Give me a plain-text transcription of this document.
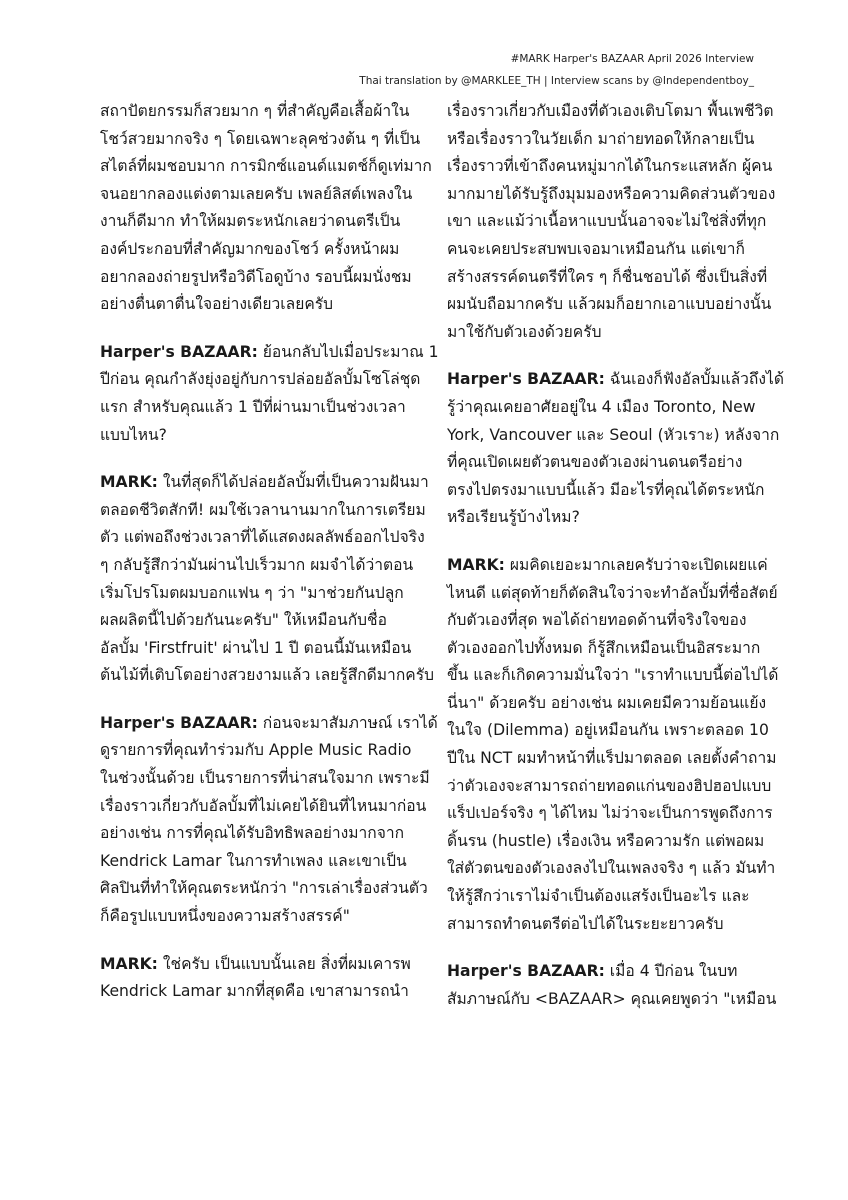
#MARK Harper's BAZAAR April 2026 Interview
Thai translation by @MARKLEE_TH | Interview scans by @Independentboy_
สถาปัตยกรรมก็สวยมาก ๆ ที่สำคัญคือเสื้อผ้าใน
โชว์สวยมากจริง ๆ โดยเฉพาะลุคช่วงต้น ๆ ที่เป็น
สไตล์ที่ผมชอบมาก การมิกซ์แอนด์แมตช์ก็ดูเท่มาก
จนอยากลองแต่งตามเลยครับ เพลย์ลิสต์เพลงใน
งานก็ดีมาก ทำให้ผมตระหนักเลยว่าดนตรีเป็น
องค์ประกอบที่สำคัญมากของโชว์ ครั้งหน้าผม
อยากลองถ่ายรูปหรือวิดีโอดูบ้าง รอบนี้ผมนั่งชม
อย่างตื่นตาตื่นใจอย่างเดียวเลยครับ
Harper's BAZAAR: ย้อนกลับไปเมื่อประมาณ 1
ปีก่อน คุณกำลังยุ่งอยู่กับการปล่อยอัลบั้มโซโล่ชุด
แรก สำหรับคุณแล้ว 1 ปีที่ผ่านมาเป็นช่วงเวลา
แบบไหน?
MARK: ในที่สุดก็ได้ปล่อยอัลบั้มที่เป็นความฝันมา
ตลอดชีวิตสักที! ผมใช้เวลานานมากในการเตรียม
ตัว แต่พอถึงช่วงเวลาที่ได้แสดงผลลัพธ์ออกไปจริง
ๆ กลับรู้สึกว่ามันผ่านไปเร็วมาก ผมจำได้ว่าตอน
เริ่มโปรโมตผมบอกแฟน ๆ ว่า "มาช่วยกันปลูก
ผลผลิตนี้ไปด้วยกันนะครับ" ให้เหมือนกับชื่อ
อัลบั้ม 'Firstfruit' ผ่านไป 1 ปี ตอนนี้มันเหมือน
ต้นไม้ที่เติบโตอย่างสวยงามแล้ว เลยรู้สึกดีมากครับ
Harper's BAZAAR: ก่อนจะมาสัมภาษณ์ เราได้
ดูรายการที่คุณทำร่วมกับ Apple Music Radio
ในช่วงนั้นด้วย เป็นรายการที่น่าสนใจมาก เพราะมี
เรื่องราวเกี่ยวกับอัลบั้มที่ไม่เคยได้ยินที่ไหนมาก่อน
อย่างเช่น การที่คุณได้รับอิทธิพลอย่างมากจาก
Kendrick Lamar ในการทำเพลง และเขาเป็น
ศิลปินที่ทำให้คุณตระหนักว่า "การเล่าเรื่องส่วนตัว
ก็คือรูปแบบหนึ่งของความสร้างสรรค์"
MARK: ใช่ครับ เป็นแบบนั้นเลย สิ่งที่ผมเคารพ
Kendrick Lamar มากที่สุดคือ เขาสามารถนำ
เรื่องราวเกี่ยวกับเมืองที่ตัวเองเติบโตมา พื้นเพชีวิต
หรือเรื่องราวในวัยเด็ก มาถ่ายทอดให้กลายเป็น
เรื่องราวที่เข้าถึงคนหมู่มากได้ในกระแสหลัก ผู้คน
มากมายได้รับรู้ถึงมุมมองหรือความคิดส่วนตัวของ
เขา และแม้ว่าเนื้อหาแบบนั้นอาจจะไม่ใช่สิ่งที่ทุก
คนจะเคยประสบพบเจอมาเหมือนกัน แต่เขาก็
สร้างสรรค์ดนตรีที่ใคร ๆ ก็ชื่นชอบได้ ซึ่งเป็นสิ่งที่
ผมนับถือมากครับ แล้วผมก็อยากเอาแบบอย่างนั้น
มาใช้กับตัวเองด้วยครับ
Harper's BAZAAR: ฉันเองก็ฟังอัลบั้มแล้วถึงได้
รู้ว่าคุณเคยอาศัยอยู่ใน 4 เมือง Toronto, New
York, Vancouver และ Seoul (หัวเราะ) หลังจาก
ที่คุณเปิดเผยตัวตนของตัวเองผ่านดนตรีอย่าง
ตรงไปตรงมาแบบนี้แล้ว มีอะไรที่คุณได้ตระหนัก
หรือเรียนรู้บ้างไหม?
MARK: ผมคิดเยอะมากเลยครับว่าจะเปิดเผยแค่
ไหนดี แต่สุดท้ายก็ตัดสินใจว่าจะทำอัลบั้มที่ซื่อสัตย์
กับตัวเองที่สุด พอได้ถ่ายทอดด้านที่จริงใจของ
ตัวเองออกไปทั้งหมด ก็รู้สึกเหมือนเป็นอิสระมาก
ขึ้น และก็เกิดความมั่นใจว่า "เราทำแบบนี้ต่อไปได้
นี่นา" ด้วยครับ อย่างเช่น ผมเคยมีความย้อนแย้ง
ในใจ (Dilemma) อยู่เหมือนกัน เพราะตลอด 10
ปีใน NCT ผมทำหน้าที่แร็ปมาตลอด เลยตั้งคำถาม
ว่าตัวเองจะสามารถถ่ายทอดแก่นของฮิปฮอปแบบ
แร็ปเปอร์จริง ๆ ได้ไหม ไม่ว่าจะเป็นการพูดถึงการ
ดิ้นรน (hustle) เรื่องเงิน หรือความรัก แต่พอผม
ใส่ตัวตนของตัวเองลงไปในเพลงจริง ๆ แล้ว มันทำ
ให้รู้สึกว่าเราไม่จำเป็นต้องแสร้งเป็นอะไร และ
สามารถทำดนตรีต่อไปได้ในระยะยาวครับ
Harper's BAZAAR: เมื่อ 4 ปีก่อน ในบท
สัมภาษณ์กับ <BAZAAR> คุณเคยพูดว่า "เหมือน
